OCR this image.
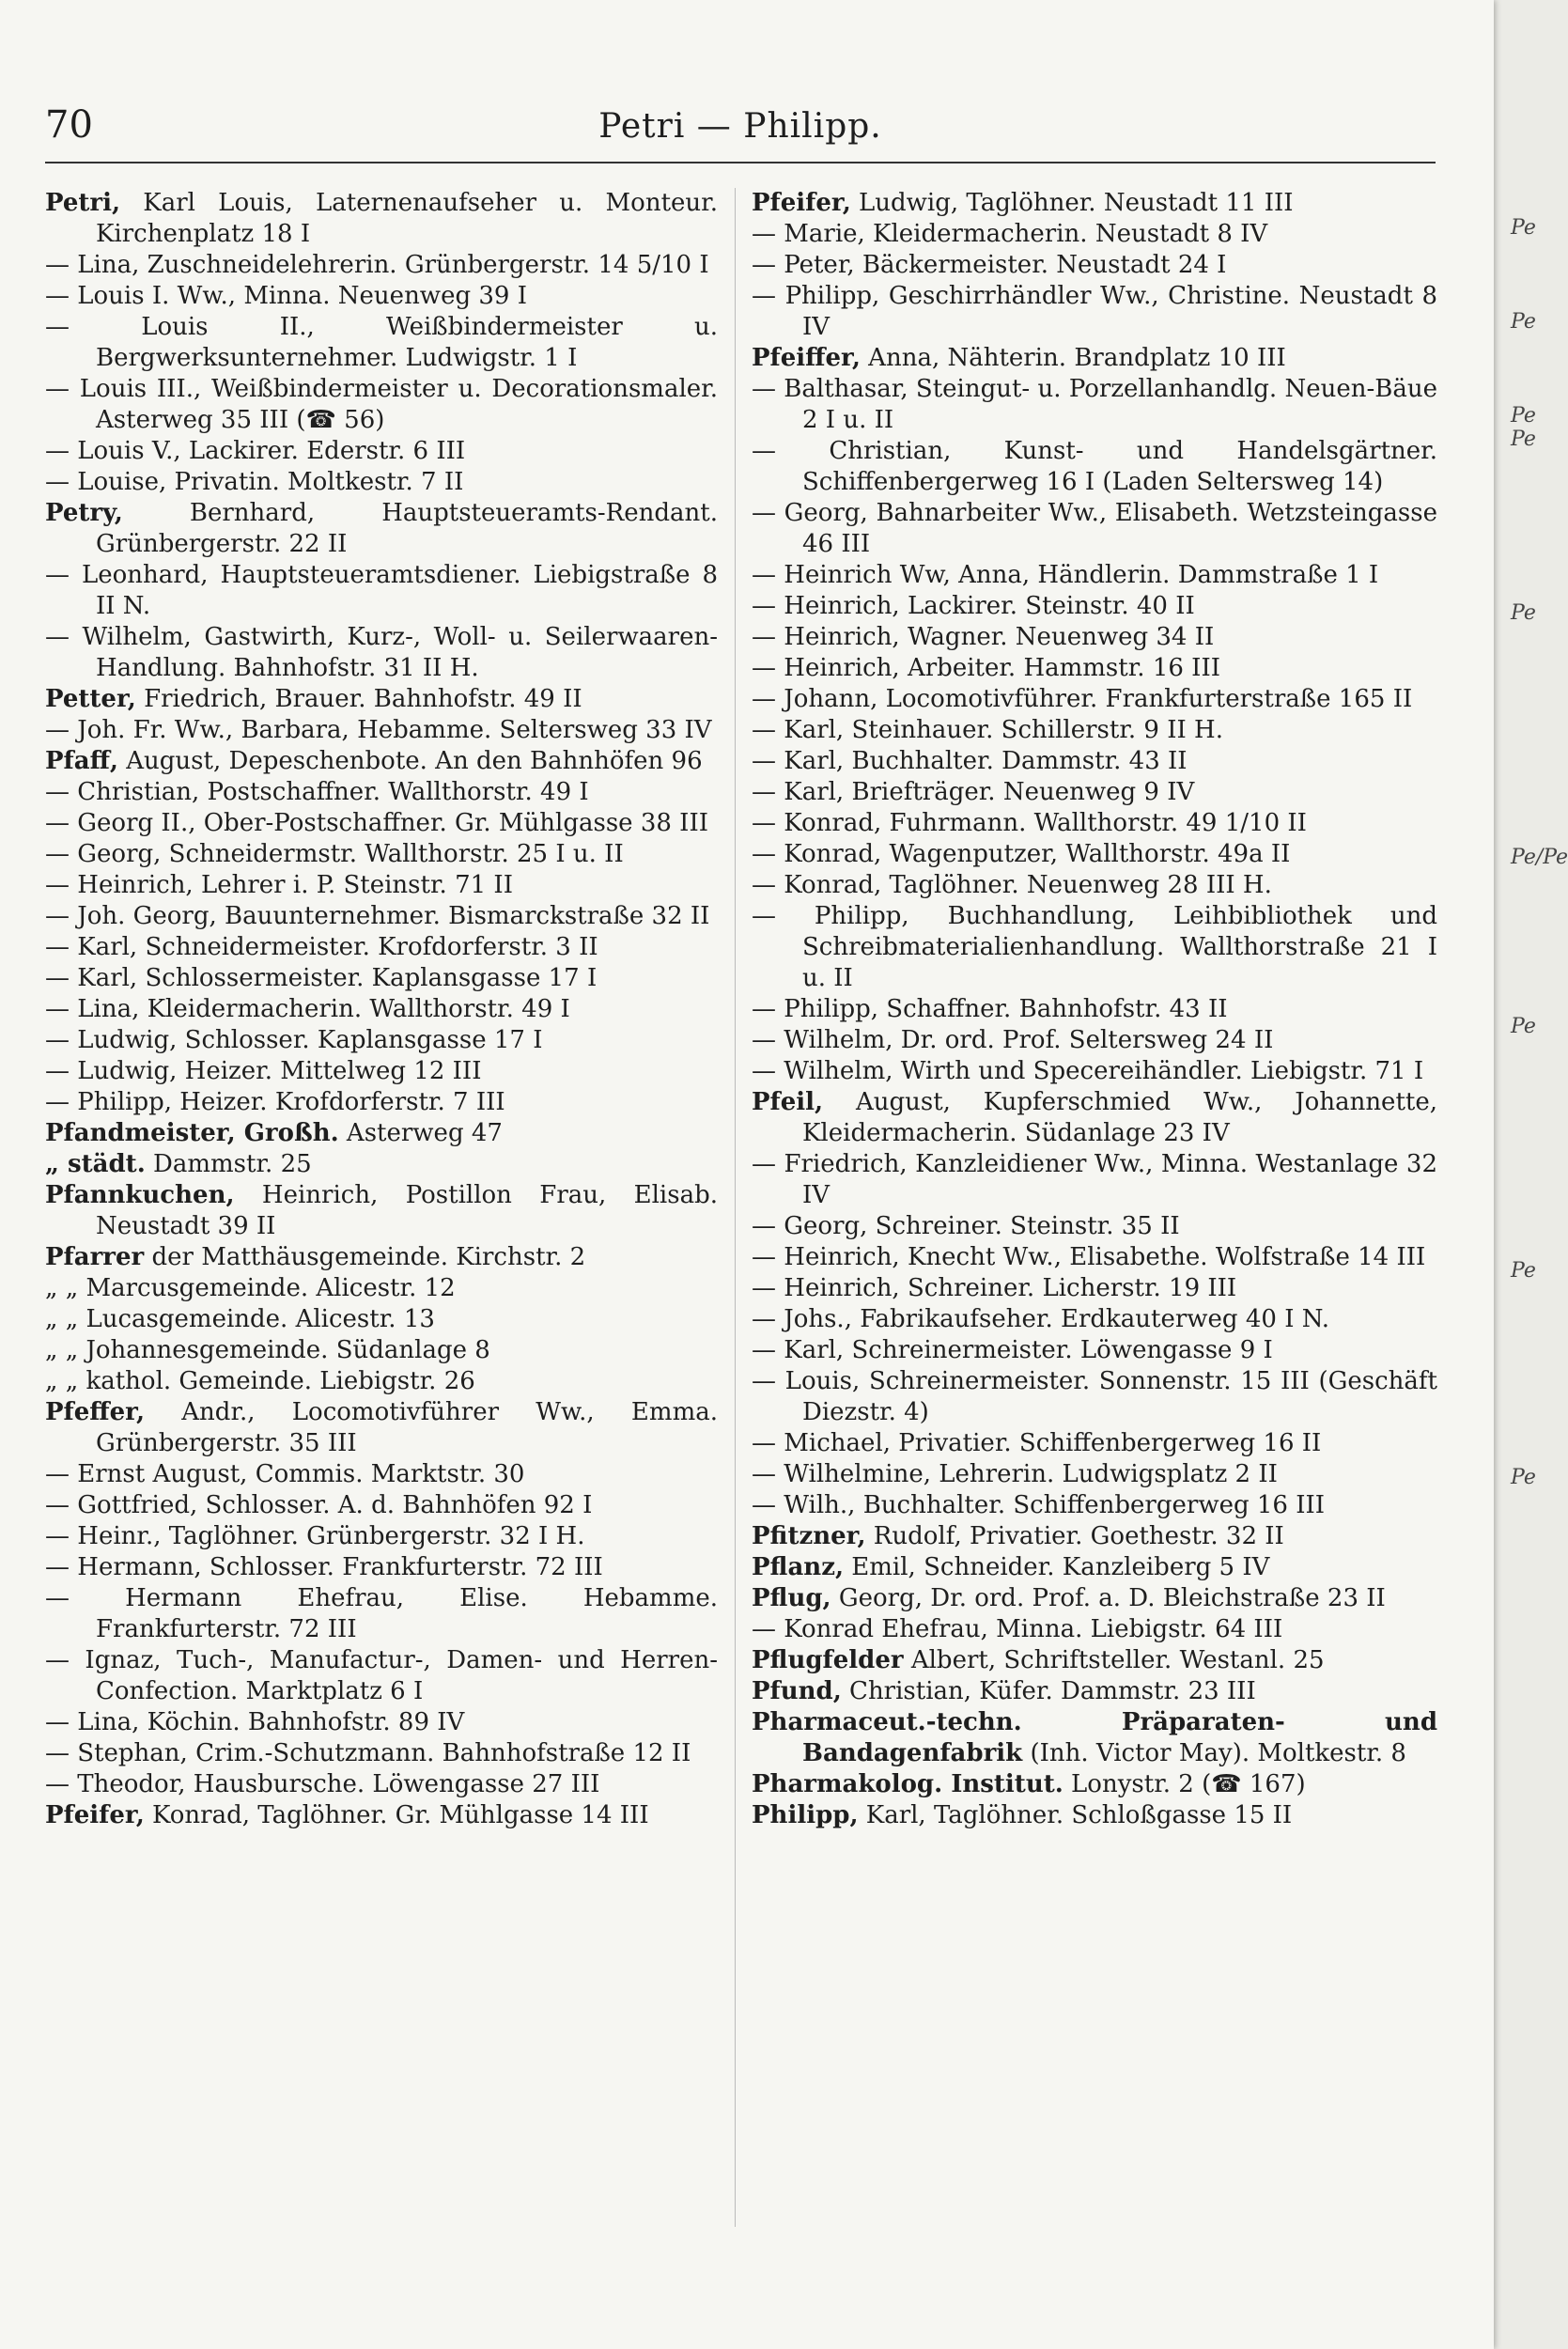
70	Petri — Philipp.
Petri, Karl Louis, Laternenaufseher u. Monteur. Kirchenplatz 18 I
— Lina, Zuschneidelehrerin. Grünbergerstr. 14 5/10 I
— Louis I. Ww., Minna. Neuenweg 39 I
— Louis II., Weißbindermeister u. Bergwerksunternehmer. Ludwigstr. 1 I
— Louis III., Weißbindermeister u. Decorationsmaler. Asterweg 35 III (☎ 56)
— Louis V., Lackirer. Ederstr. 6 III
— Louise, Privatin. Moltkestr. 7 II
Petry, Bernhard, Hauptsteueramts-Rendant. Grünbergerstr. 22 II
— Leonhard, Hauptsteueramtsdiener. Liebigstraße 8 II N.
— Wilhelm, Gastwirth, Kurz-, Woll- u. Seilerwaaren-Handlung. Bahnhofstr. 31 II H.
Petter, Friedrich, Brauer. Bahnhofstr. 49 II
— Joh. Fr. Ww., Barbara, Hebamme. Seltersweg 33 IV
Pfaff, August, Depeschenbote. An den Bahnhöfen 96
— Christian, Postschaffner. Wallthorstr. 49 I
— Georg II., Ober-Postschaffner. Gr. Mühlgasse 38 III
— Georg, Schneidermstr. Wallthorstr. 25 I u. II
— Heinrich, Lehrer i. P. Steinstr. 71 II
— Joh. Georg, Bauunternehmer. Bismarckstraße 32 II
— Karl, Schneidermeister. Krofdorferstr. 3 II
— Karl, Schlossermeister. Kaplansgasse 17 I
— Lina, Kleidermacherin. Wallthorstr. 49 I
— Ludwig, Schlosser. Kaplansgasse 17 I
— Ludwig, Heizer. Mittelweg 12 III
— Philipp, Heizer. Krofdorferstr. 7 III
Pfandmeister, Großh. Asterweg 47
„ städt. Dammstr. 25
Pfannkuchen, Heinrich, Postillon Frau, Elisab. Neustadt 39 II
Pfarrer der Matthäusgemeinde. Kirchstr. 2
„ „ Marcusgemeinde. Alicestr. 12
„ „ Lucasgemeinde. Alicestr. 13
„ „ Johannesgemeinde. Südanlage 8
„ „ kathol. Gemeinde. Liebigstr. 26
Pfeffer, Andr., Locomotivführer Ww., Emma. Grünbergerstr. 35 III
— Ernst August, Commis. Marktstr. 30
— Gottfried, Schlosser. A. d. Bahnhöfen 92 I
— Heinr., Taglöhner. Grünbergerstr. 32 I H.
— Hermann, Schlosser. Frankfurterstr. 72 III
— Hermann Ehefrau, Elise. Hebamme. Frankfurterstr. 72 III
— Ignaz, Tuch-, Manufactur-, Damen- und Herren-Confection. Marktplatz 6 I
— Lina, Köchin. Bahnhofstr. 89 IV
— Stephan, Crim.-Schutzmann. Bahnhofstraße 12 II
— Theodor, Hausbursche. Löwengasse 27 III
Pfeifer, Konrad, Taglöhner. Gr. Mühlgasse 14 III
Pfeifer, Ludwig, Taglöhner. Neustadt 11 III
— Marie, Kleidermacherin. Neustadt 8 IV
— Peter, Bäckermeister. Neustadt 24 I
— Philipp, Geschirrhändler Ww., Christine. Neustadt 8 IV
Pfeiffer, Anna, Nähterin. Brandplatz 10 III
— Balthasar, Steingut- u. Porzellanhandlg. Neuen-Bäue 2 I u. II
— Christian, Kunst- und Handelsgärtner. Schiffenbergerweg 16 I (Laden Seltersweg 14)
— Georg, Bahnarbeiter Ww., Elisabeth. Wetzsteingasse 46 III
— Heinrich Ww, Anna, Händlerin. Dammstraße 1 I
— Heinrich, Lackirer. Steinstr. 40 II
— Heinrich, Wagner. Neuenweg 34 II
— Heinrich, Arbeiter. Hammstr. 16 III
— Johann, Locomotivführer. Frankfurterstraße 165 II
— Karl, Steinhauer. Schillerstr. 9 II H.
— Karl, Buchhalter. Dammstr. 43 II
— Karl, Briefträger. Neuenweg 9 IV
— Konrad, Fuhrmann. Wallthorstr. 49 1/10 II
— Konrad, Wagenputzer, Wallthorstr. 49a II
— Konrad, Taglöhner. Neuenweg 28 III H.
— Philipp, Buchhandlung, Leihbibliothek und Schreibmaterialienhandlung. Wallthorstraße 21 I u. II
— Philipp, Schaffner. Bahnhofstr. 43 II
— Wilhelm, Dr. ord. Prof. Seltersweg 24 II
— Wilhelm, Wirth und Specereihändler. Liebigstr. 71 I
Pfeil, August, Kupferschmied Ww., Johannette, Kleidermacherin. Südanlage 23 IV
— Friedrich, Kanzleidiener Ww., Minna. Westanlage 32 IV
— Georg, Schreiner. Steinstr. 35 II
— Heinrich, Knecht Ww., Elisabethe. Wolfstraße 14 III
— Heinrich, Schreiner. Licherstr. 19 III
— Johs., Fabrikaufseher. Erdkauterweg 40 I N.
— Karl, Schreinermeister. Löwengasse 9 I
— Louis, Schreinermeister. Sonnenstr. 15 III (Geschäft Diezstr. 4)
— Michael, Privatier. Schiffenbergerweg 16 II
— Wilhelmine, Lehrerin. Ludwigsplatz 2 II
— Wilh., Buchhalter. Schiffenbergerweg 16 III
Pfitzner, Rudolf, Privatier. Goethestr. 32 II
Pflanz, Emil, Schneider. Kanzleiberg 5 IV
Pflug, Georg, Dr. ord. Prof. a. D. Bleichstraße 23 II
— Konrad Ehefrau, Minna. Liebigstr. 64 III
Pflugfelder Albert, Schriftsteller. Westanl. 25
Pfund, Christian, Küfer. Dammstr. 23 III
Pharmaceut.-techn. Präparaten- und Bandagenfabrik (Inh. Victor May). Moltkestr. 8
Pharmakolog. Institut. Lonystr. 2 (☎ 167)
Philipp, Karl, Taglöhner. Schloßgasse 15 II
Pe
Pe
Pe Pe
Pe
Pe/Pe
Pe
Pe
Pe
